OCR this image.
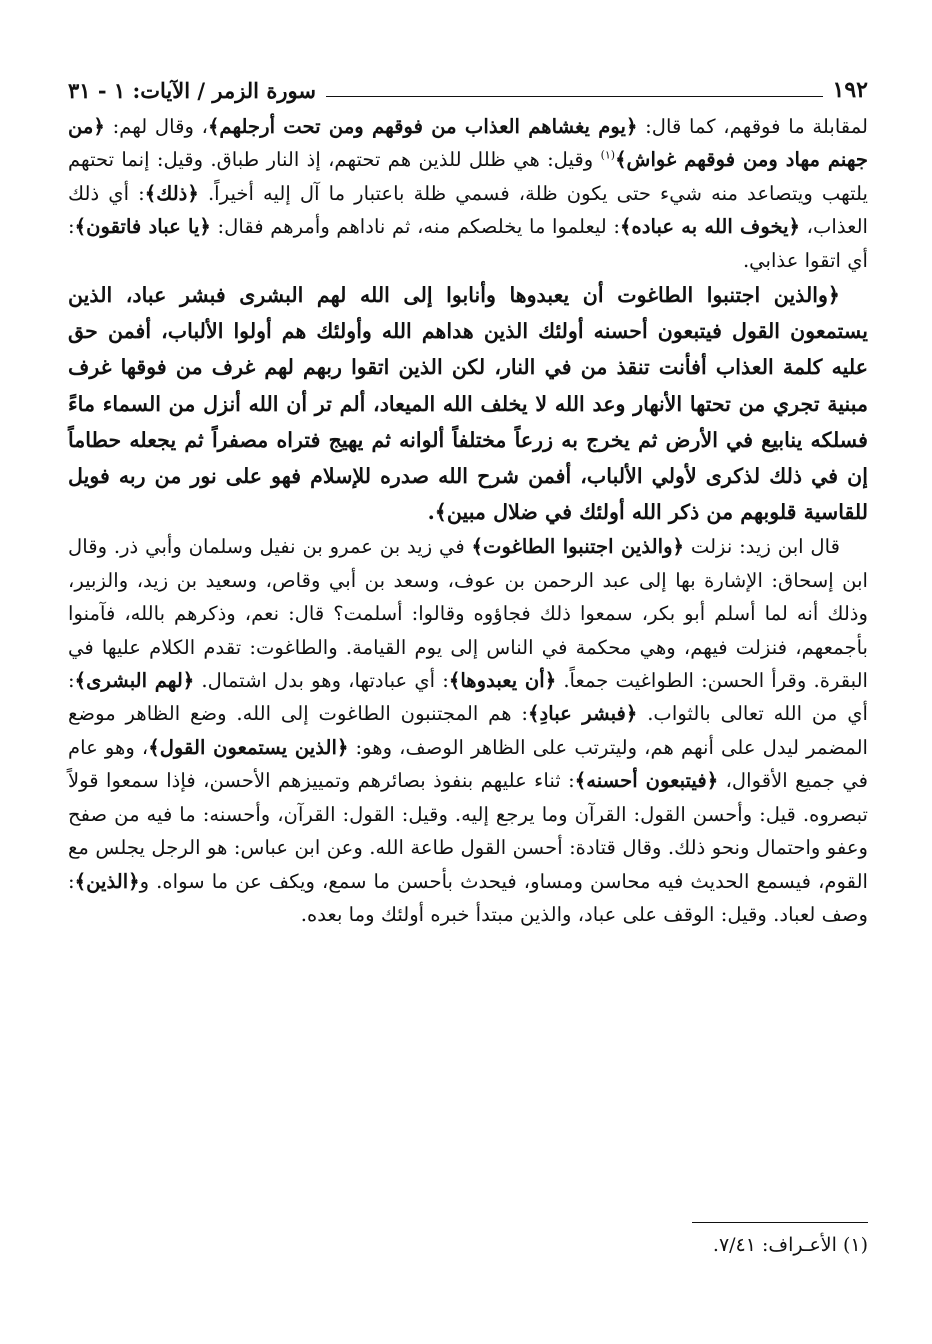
١٩٢
سورة الزمر / الآيات: ١ - ٣١

لمقابلة ما فوقهم، كما قال: ﴿يوم يغشاهم العذاب من فوقهم ومن تحت أرجلهم﴾، وقال لهم: ﴿من جهنم مهاد ومن فوقهم غواش﴾$^{(١)}$ وقيل: هي ظلل للذين هم تحتهم، إذ النار طباق. وقيل: إنما تحتهم يلتهب ويتصاعد منه شيء حتى يكون ظلة، فسمي ظلة باعتبار ما آل إليه أخيراً. ﴿ذلك﴾: أي ذلك العذاب، ﴿يخوف الله به عباده﴾: ليعلموا ما يخلصكم منه، ثم ناداهم وأمرهم فقال: ﴿يا عباد فاتقون﴾: أي اتقوا عذابي.

﴿والذين اجتنبوا الطاغوت أن يعبدوها وأنابوا إلى الله لهم البشرى فبشر عباد، الذين يستمعون القول فيتبعون أحسنه أولئك الذين هداهم الله وأولئك هم أولوا الألباب، أفمن حق عليه كلمة العذاب أفأنت تنقذ من في النار، لكن الذين اتقوا ربهم لهم غرف من فوقها غرف مبنية تجري من تحتها الأنهار وعد الله لا يخلف الله الميعاد، ألم تر أن الله أنزل من السماء ماءً فسلكه ينابيع في الأرض ثم يخرج به زرعاً مختلفاً ألوانه ثم يهيج فتراه مصفراً ثم يجعله حطاماً إن في ذلك لذكرى لأولي الألباب، أفمن شرح الله صدره للإسلام فهو على نور من ربه فويل للقاسية قلوبهم من ذكر الله أولئك في ضلال مبين﴾.

قال ابن زيد: نزلت ﴿والذين اجتنبوا الطاغوت﴾ في زيد بن عمرو بن نفيل وسلمان وأبي ذر. وقال ابن إسحاق: الإشارة بها إلى عبد الرحمن بن عوف، وسعد بن أبي وقاص، وسعيد بن زيد، والزبير، وذلك أنه لما أسلم أبو بكر، سمعوا ذلك فجاؤوه وقالوا: أسلمت؟ قال: نعم، وذكرهم بالله، فآمنوا بأجمعهم، فنزلت فيهم، وهي محكمة في الناس إلى يوم القيامة. والطاغوت: تقدم الكلام عليها في البقرة. وقرأ الحسن: الطواغيت جمعاً. ﴿أن يعبدوها﴾: أي عبادتها، وهو بدل اشتمال. ﴿لهم البشرى﴾: أي من الله تعالى بالثواب. ﴿فبشر عبادِ﴾: هم المجتنبون الطاغوت إلى الله. وضع الظاهر موضع المضمر ليدل على أنهم هم، وليترتب على الظاهر الوصف، وهو: ﴿الذين يستمعون القول﴾، وهو عام في جميع الأقوال، ﴿فيتبعون أحسنه﴾: ثناء عليهم بنفوذ بصائرهم وتمييزهم الأحسن، فإذا سمعوا قولاً تبصروه. قيل: وأحسن القول: القرآن وما يرجع إليه. وقيل: القول: القرآن، وأحسنه: ما فيه من صفح وعفو واحتمال ونحو ذلك. وقال قتادة: أحسن القول طاعة الله. وعن ابن عباس: هو الرجل يجلس مع القوم، فيسمع الحديث فيه محاسن ومساو، فيحدث بأحسن ما سمع، ويكف عن ما سواه. و﴿الذين﴾: وصف لعباد. وقيل: الوقف على عباد، والذين مبتدأ خبره أولئك وما بعده.

(١) الأعـراف: ٧/٤١.
